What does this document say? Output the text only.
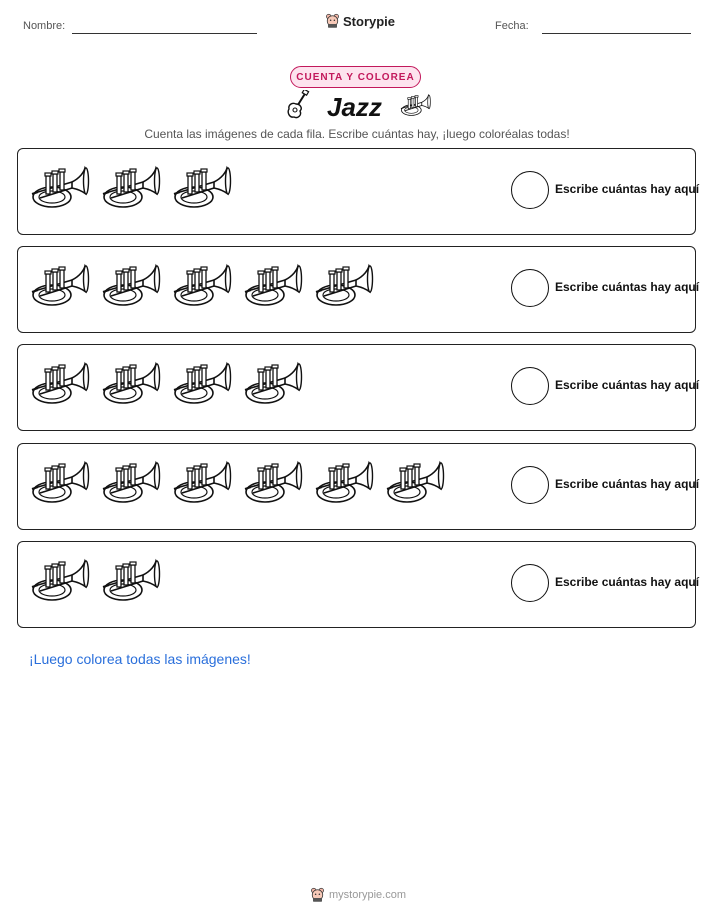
Nombre:	Storypie	Fecha:
CUENTA Y COLOREA
Jazz
Cuenta las imágenes de cada fila. Escribe cuántas hay, ¡luego coloréalas todas!
Escribe cuántas hay aquí
Escribe cuántas hay aquí
Escribe cuántas hay aquí
Escribe cuántas hay aquí
Escribe cuántas hay aquí
¡Luego colorea todas las imágenes!
mystorypie.com
